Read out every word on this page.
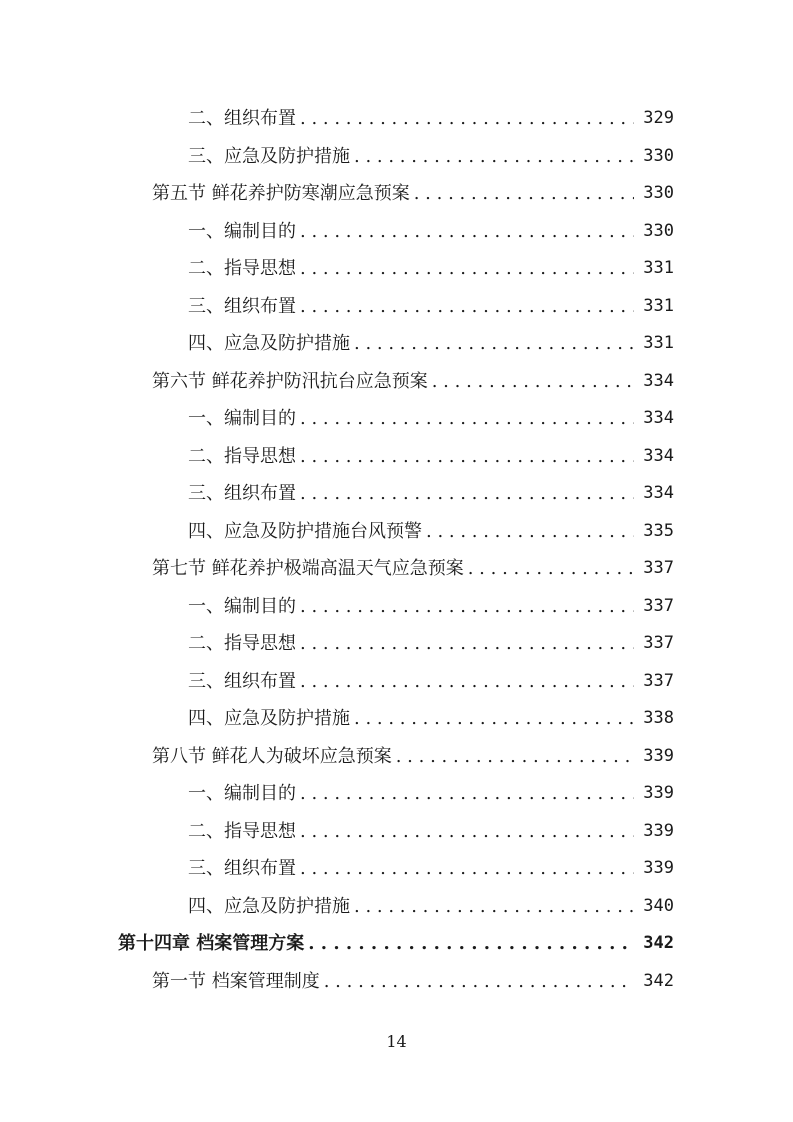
二、组织布置 . . .	329
三、应急及防护措施 . . .	330
第五节 鲜花养护防寒潮应急预案 . . .	330
一、编制目的 . . .	330
二、指导思想 . . .	331
三、组织布置 . . .	331
四、应急及防护措施 . . .	331
第六节 鲜花养护防汛抗台应急预案 . . .	334
一、编制目的 . . .	334
二、指导思想 . . .	334
三、组织布置 . . .	334
四、应急及防护措施台风预警 . . .	335
第七节 鲜花养护极端高温天气应急预案 . . .	337
一、编制目的 . . .	337
二、指导思想 . . .	337
三、组织布置 . . .	337
四、应急及防护措施 . . .	338
第八节 鲜花人为破坏应急预案 . . .	339
一、编制目的 . . .	339
二、指导思想 . . .	339
三、组织布置 . . .	339
四、应急及防护措施 . . .	340
第十四章 档案管理方案 . . .	342
第一节 档案管理制度 . . .	342
14
